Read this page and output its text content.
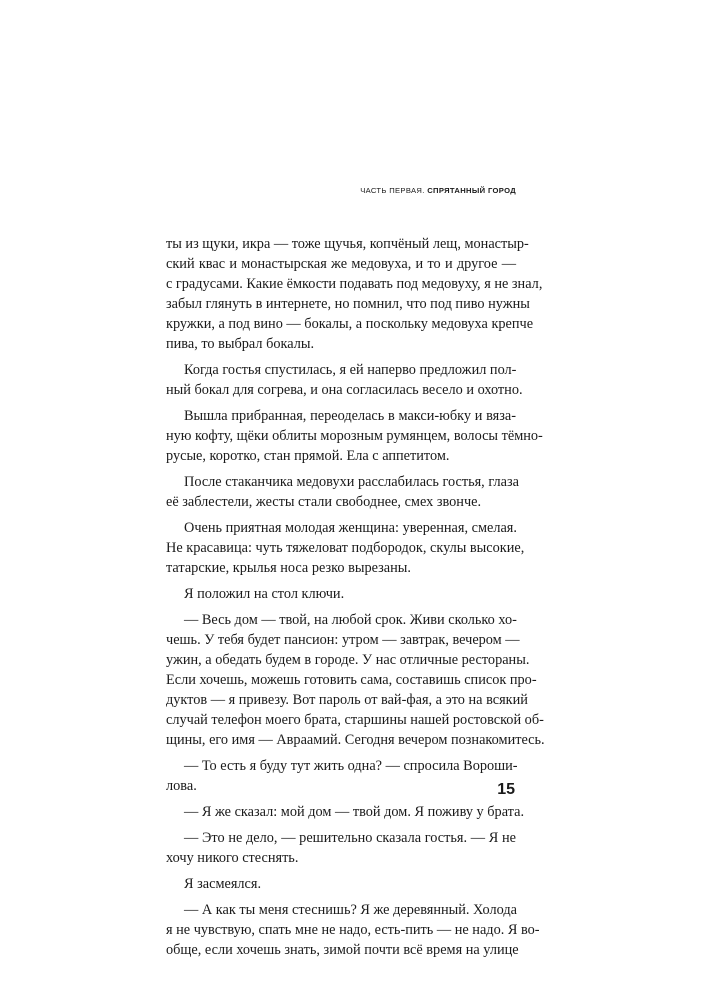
ЧАСТЬ ПЕРВАЯ. СПРЯТАННЫЙ ГОРОД

ты из щуки, икра — тоже щучья, копчёный лещ, монастыр-
ский квас и монастырская же медовуха, и то и другое —
с градусами. Какие ёмкости подавать под медовуху, я не знал,
забыл глянуть в интернете, но помнил, что под пиво нужны
кружки, а под вино — бокалы, а поскольку медовуха крепче
пива, то выбрал бокалы.

Когда гостья спустилась, я ей наперво предложил пол-
ный бокал для согрева, и она согласилась весело и охотно.

Вышла прибранная, переоделась в макси-юбку и вяза-
ную кофту, щёки облиты морозным румянцем, волосы тёмно-
русые, коротко, стан прямой. Ела с аппетитом.

После стаканчика медовухи расслабилась гостья, глаза
её заблестели, жесты стали свободнее, смех звонче.

Очень приятная молодая женщина: уверенная, смелая.
Не красавица: чуть тяжеловат подбородок, скулы высокие,
татарские, крылья носа резко вырезаны.

Я положил на стол ключи.

— Весь дом — твой, на любой срок. Живи сколько хо-
чешь. У тебя будет пансион: утром — завтрак, вечером —
ужин, а обедать будем в городе. У нас отличные рестораны.
Если хочешь, можешь готовить сама, составишь список про-
дуктов — я привезу. Вот пароль от вай-фая, а это на всякий
случай телефон моего брата, старшины нашей ростовской об-
щины, его имя — Авраамий. Сегодня вечером познакомитесь.

— То есть я буду тут жить одна? — спросила Вороши-
лова.

— Я же сказал: мой дом — твой дом. Я поживу у брата.

— Это не дело, — решительно сказала гостья. — Я не
хочу никого стеснять.

Я засмеялся.

— А как ты меня стеснишь? Я же деревянный. Холода
я не чувствую, спать мне не надо, есть-пить — не надо. Я во-
обще, если хочешь знать, зимой почти всё время на улице

15
